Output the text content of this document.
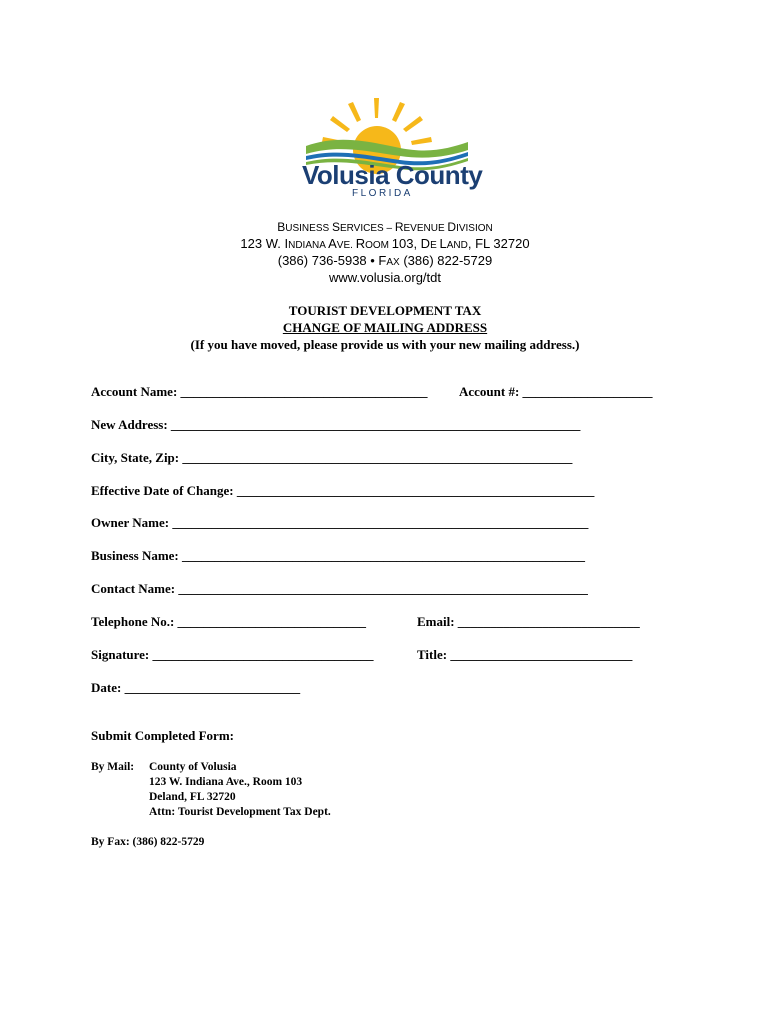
Volusia County
FLORIDA
BUSINESS SERVICES – REVENUE DIVISION
123 W. INDIANA AVE. ROOM 103, DE LAND, FL 32720
(386) 736-5938 • FAX (386) 822-5729
www.volusia.org/tdt
TOURIST DEVELOPMENT TAX
CHANGE OF MAILING ADDRESS
(If you have moved, please provide us with your new mailing address.)
Account Name: ______________________________________ Account #: ____________________
New Address: _______________________________________________________________
City, State, Zip: ____________________________________________________________
Effective Date of Change: _______________________________________________________
Owner Name: ________________________________________________________________
Business Name: ______________________________________________________________
Contact Name: _______________________________________________________________
Telephone No.: _____________________________	Email: ____________________________
Signature: __________________________________	Title: ____________________________
Date: ___________________________
Submit Completed Form:
By Mail: County of Volusia
123 W. Indiana Ave., Room 103
Deland, FL 32720
Attn: Tourist Development Tax Dept.
By Fax: (386) 822-5729
